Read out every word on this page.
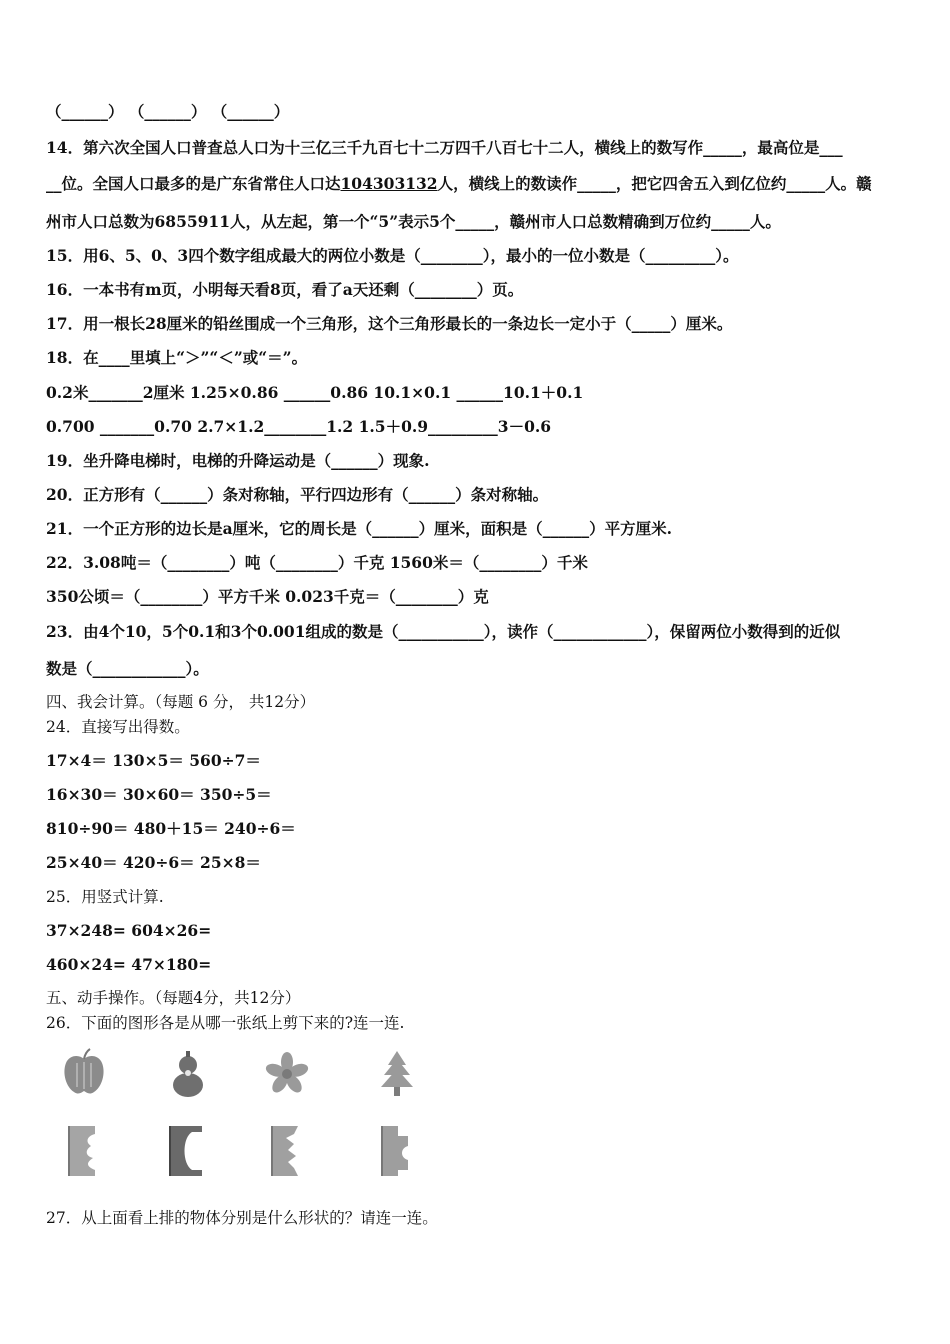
（______） （______） （______）
14．第六次全国人口普查总人口为十三亿三千九百七十二万四千八百七十二人，横线上的数写作_____，最高位是___
__位。全国人口最多的是广东省常住人口达104303132人，横线上的数读作_____，把它四舍五入到亿位约_____人。赣
州市人口总数为6855911人，从左起，第一个“5”表示5个_____，赣州市人口总数精确到万位约_____人。
15．用6、5、0、3四个数字组成最大的两位小数是（________），最小的一位小数是（_________）。
16．一本书有m页，小明每天看8页，看了a天还剩（________）页。
17．用一根长28厘米的铅丝围成一个三角形，这个三角形最长的一条边长一定小于（_____）厘米。
18．在____里填上“＞”“＜”或“＝”。
0.2米_______2厘米 1.25×0.86 ______0.86 10.1×0.1 ______10.1＋0.1
0.700 _______0.70 2.7×1.2________1.2 1.5＋0.9_________3－0.6
19．坐升降电梯时，电梯的升降运动是（______）现象.
20．正方形有（______）条对称轴，平行四边形有（______）条对称轴。
21．一个正方形的边长是a厘米，它的周长是（______）厘米，面积是（______）平方厘米.
22．3.08吨＝（________）吨（________）千克 1560米＝（________）千米
350公顷＝（________）平方千米 0.023千克＝（________）克
23．由4个10，5个0.1和3个0.001组成的数是（___________），读作（____________），保留两位小数得到的近似
数是（____________）。
四、我会计算。（每题 6 分， 共12分）
24．直接写出得数。
17×4＝ 130×5＝ 560÷7＝
16×30＝ 30×60＝ 350÷5＝
810÷90＝ 480＋15＝ 240÷6＝
25×40＝ 420÷6＝ 25×8＝
25．用竖式计算.
37×248= 604×26=
460×24= 47×180=
五、动手操作。（每题4分，共12分）
26．下面的图形各是从哪一张纸上剪下来的?连一连.
27．从上面看上排的物体分别是什么形状的？请连一连。
